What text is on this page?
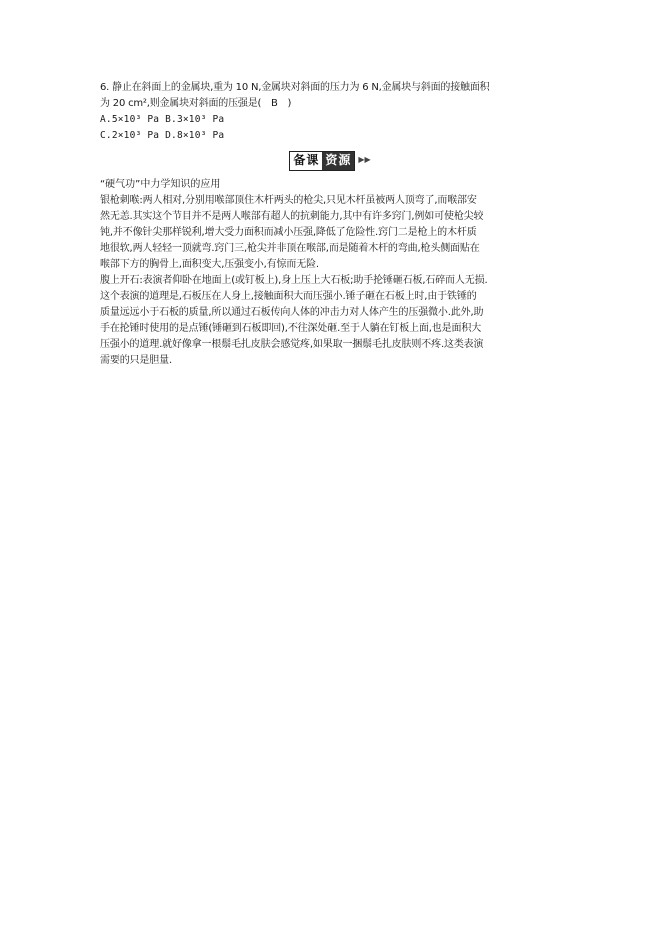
6. 静止在斜面上的金属块,重为 10 N,金属块对斜面的压力为 6 N,金属块与斜面的接触面积
为 20 cm²,则金属块对斜面的压强是(　B　)
A.5×10³ Pa B.3×10³ Pa
C.2×10³ Pa D.8×10³ Pa
备课 资源 ▶▶
“硬气功”中力学知识的应用
银枪刺喉:两人相对,分别用喉部顶住木杆两头的枪尖,只见木杆虽被两人顶弯了,而喉部安
然无恙.其实这个节目并不是两人喉部有超人的抗刺能力,其中有许多窍门,例如可使枪尖较
钝,并不像针尖那样锐利,增大受力面积而减小压强,降低了危险性.窍门二是枪上的木杆质
地很软,两人轻轻一顶就弯.窍门三,枪尖并非顶在喉部,而是随着木杆的弯曲,枪头侧面贴在
喉部下方的胸骨上,面积变大,压强变小,有惊而无险.
腹上开石:表演者仰卧在地面上(或钉板上),身上压上大石板;助手抡锤砸石板,石碎而人无损.
这个表演的道理是,石板压在人身上,接触面积大而压强小.锤子砸在石板上时,由于铁锤的
质量远远小于石板的质量,所以通过石板传向人体的冲击力对人体产生的压强微小.此外,助
手在抡锤时使用的是点锤(锤砸到石板即回),不往深处砸.至于人躺在钉板上面,也是面积大
压强小的道理.就好像拿一根鬃毛扎皮肤会感觉疼,如果取一捆鬃毛扎皮肤则不疼.这类表演
需要的只是胆量.
